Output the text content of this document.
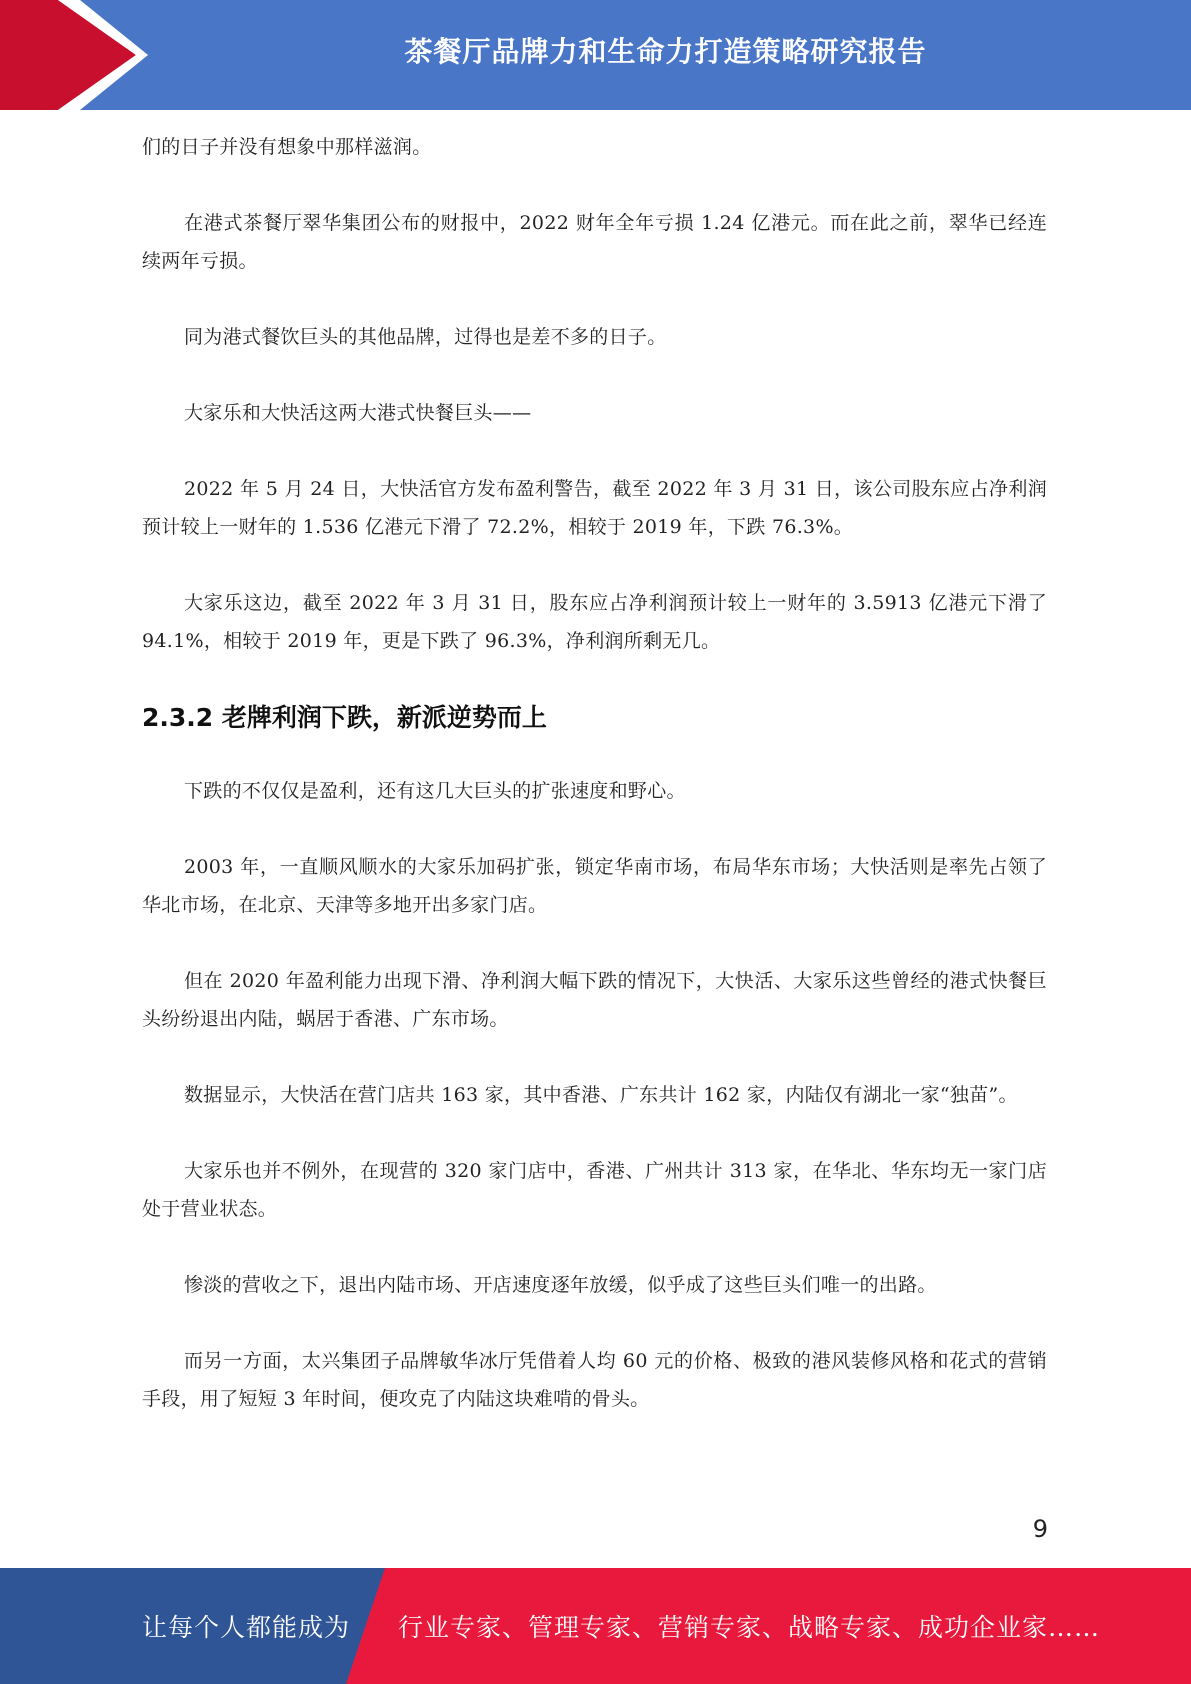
茶餐厅品牌力和生命力打造策略研究报告

们的日子并没有想象中那样滋润。

在港式茶餐厅翠华集团公布的财报中，2022 财年全年亏损 1.24 亿港元。而在此之前，翠华已经连续两年亏损。

同为港式餐饮巨头的其他品牌，过得也是差不多的日子。

大家乐和大快活这两大港式快餐巨头——

2022 年 5 月 24 日，大快活官方发布盈利警告，截至 2022 年 3 月 31 日，该公司股东应占净利润预计较上一财年的 1.536 亿港元下滑了 72.2%，相较于 2019 年，下跌 76.3%。

大家乐这边，截至 2022 年 3 月 31 日，股东应占净利润预计较上一财年的 3.5913 亿港元下滑了 94.1%，相较于 2019 年，更是下跌了 96.3%，净利润所剩无几。

2.3.2 老牌利润下跌，新派逆势而上

下跌的不仅仅是盈利，还有这几大巨头的扩张速度和野心。

2003 年，一直顺风顺水的大家乐加码扩张，锁定华南市场，布局华东市场；大快活则是率先占领了华北市场，在北京、天津等多地开出多家门店。

但在 2020 年盈利能力出现下滑、净利润大幅下跌的情况下，大快活、大家乐这些曾经的港式快餐巨头纷纷退出内陆，蜗居于香港、广东市场。

数据显示，大快活在营门店共 163 家，其中香港、广东共计 162 家，内陆仅有湖北一家“独苗”。

大家乐也并不例外，在现营的 320 家门店中，香港、广州共计 313 家，在华北、华东均无一家门店处于营业状态。

惨淡的营收之下，退出内陆市场、开店速度逐年放缓，似乎成了这些巨头们唯一的出路。

而另一方面，太兴集团子品牌敏华冰厅凭借着人均 60 元的价格、极致的港风装修风格和花式的营销手段，用了短短 3 年时间，便攻克了内陆这块难啃的骨头。

9
让每个人都能成为 行业专家、管理专家、营销专家、战略专家、成功企业家……
